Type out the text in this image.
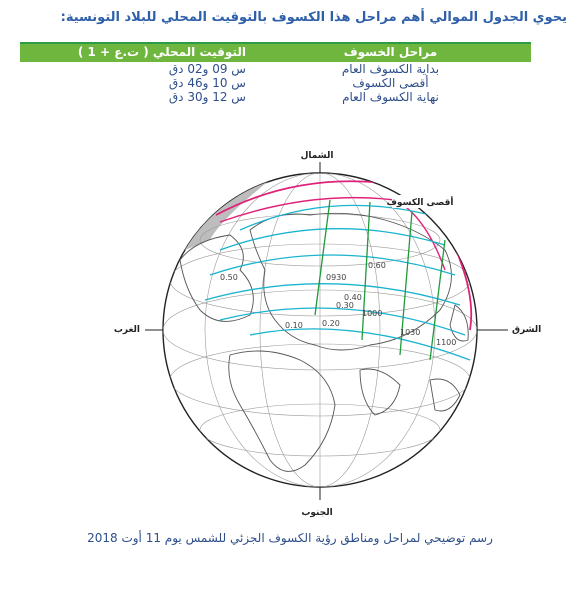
يحوي الجدول الموالي أهم مراحل هذا الكسوف بالتوقيت المحلي للبلاد التونسية:
مراحل الخسوف	التوقيت المحلي ( ت.ع + 1 )
بداية الكسوف العام	س 09 و02 دق
أقصى الكسوف	س 10 و46 دق
نهاية الكسوف العام	س 12 و30 دق
0.10 0.20
0.30
0.40
0.50
0.60
0930
1000
1030
1100
الشمال
الجنوب
الغرب	الشرق
أقصى الكسوف
رسم توضيحي لمراحل ومناطق رؤية الكسوف الجزئي للشمس يوم 11 أوت 2018
